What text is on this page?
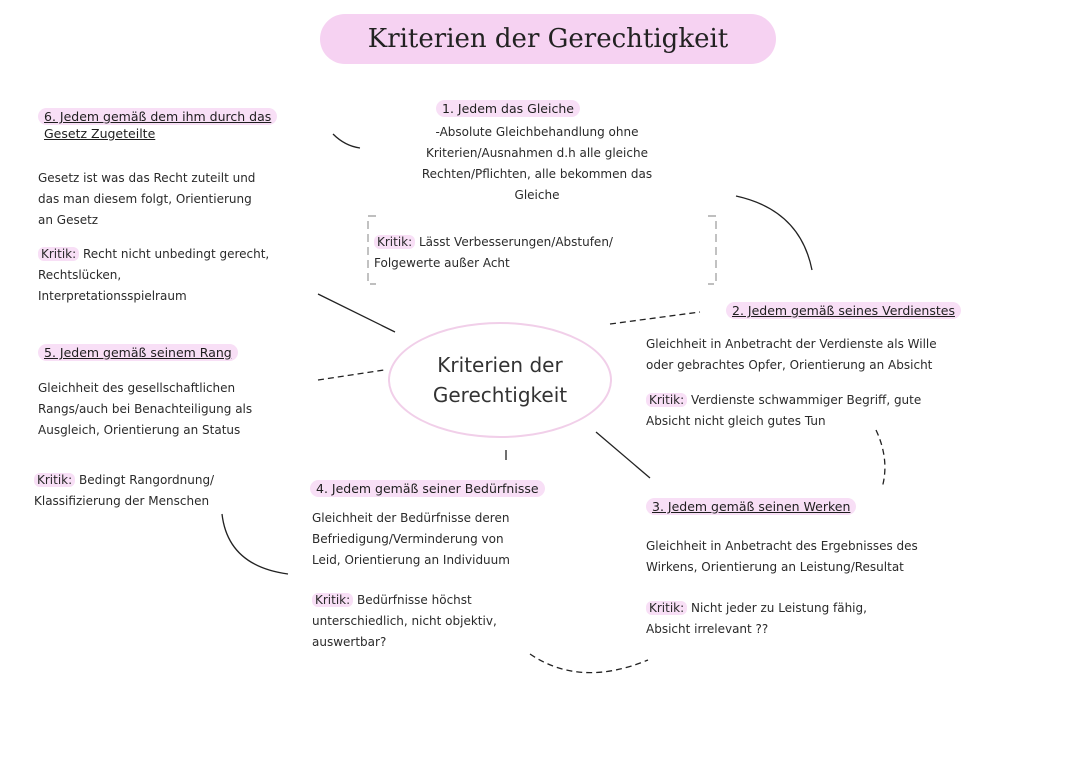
Kriterien der Gerechtigkeit
Kriterien der
Gerechtigkeit
6. Jedem gemäß dem ihm durch das
Gesetz Zugeteilte
Gesetz ist was das Recht zuteilt und
das man diesem folgt, Orientierung
an Gesetz
Kritik: Recht nicht unbedingt gerecht,
Rechtslücken,
Interpretationsspielraum
1. Jedem das Gleiche
-Absolute Gleichbehandlung ohne
Kriterien/Ausnahmen d.h alle gleiche
Rechten/Pflichten, alle bekommen das
Gleiche
Kritik: Lässt Verbesserungen/Abstufen/
Folgewerte außer Acht
2. Jedem gemäß seines Verdienstes
Gleichheit in Anbetracht der Verdienste als Wille
oder gebrachtes Opfer, Orientierung an Absicht
Kritik: Verdienste schwammiger Begriff, gute
Absicht nicht gleich gutes Tun
5. Jedem gemäß seinem Rang
Gleichheit des gesellschaftlichen
Rangs/auch bei Benachteiligung als
Ausgleich, Orientierung an Status
Kritik: Bedingt Rangordnung/
Klassifizierung der Menschen
4. Jedem gemäß seiner Bedürfnisse
Gleichheit der Bedürfnisse deren
Befriedigung/Verminderung von
Leid, Orientierung an Individuum
Kritik: Bedürfnisse höchst
unterschiedlich, nicht objektiv,
auswertbar?
3. Jedem gemäß seinen Werken
Gleichheit in Anbetracht des Ergebnisses des
Wirkens, Orientierung an Leistung/Resultat
Kritik: Nicht jeder zu Leistung fähig,
Absicht irrelevant ??
